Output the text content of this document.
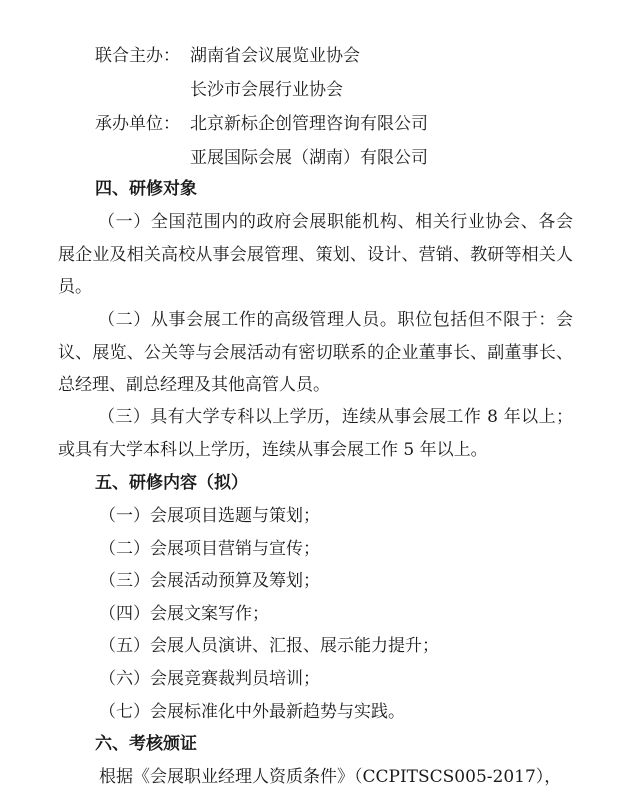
联合主办： 湖南省会议展览业协会
长沙市会展行业协会
承办单位： 北京新标企创管理咨询有限公司
亚展国际会展（湖南）有限公司
四、研修对象
（一）全国范围内的政府会展职能机构、相关行业协会、各会展企业及相关高校从事会展管理、策划、设计、营销、教研等相关人员。
（二）从事会展工作的高级管理人员。职位包括但不限于：会议、展览、公关等与会展活动有密切联系的企业董事长、副董事长、总经理、副总经理及其他高管人员。
（三）具有大学专科以上学历，连续从事会展工作 8 年以上；或具有大学本科以上学历，连续从事会展工作 5 年以上。
五、研修内容（拟）
（一）会展项目选题与策划；
（二）会展项目营销与宣传；
（三）会展活动预算及筹划；
（四）会展文案写作；
（五）会展人员演讲、汇报、展示能力提升；
（六）会展竞赛裁判员培训；
（七）会展标准化中外最新趋势与实践。
六、考核颁证
根据《会展职业经理人资质条件》（CCPITSCS005-2017），
